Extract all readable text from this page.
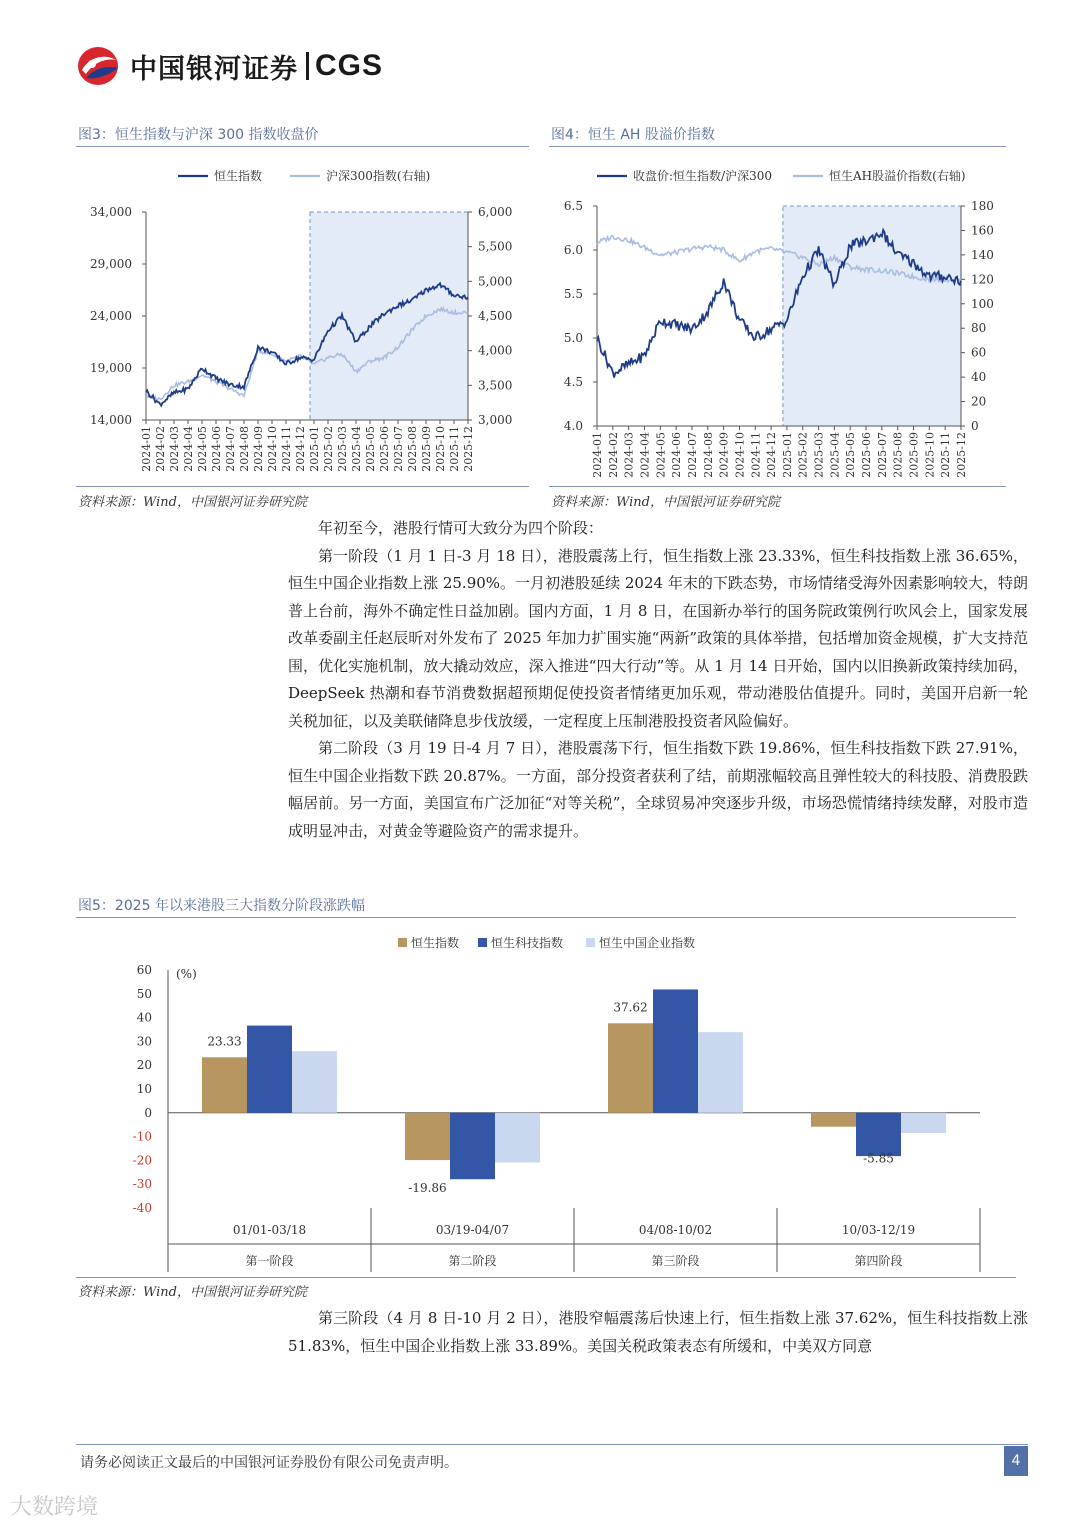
中国银河证券 CGS
图3：恒生指数与沪深 300 指数收盘价
34,000
29,000
24,000
19,000
14,000
6,000
5,500
5,000
4,500
4,000
3,500
3,000
2024-01 2024-02 2024-03 2024-04 2024-05 2024-06 2024-07 2024-08 2024-09 2024-10 2024-11 2024-12 2025-01 2025-02 2025-03 2025-04 2025-05 2025-06 2025-07 2025-08 2025-09 2025-10 2025-11 2025-12
恒生指数	沪深300指数(右轴)
资料来源：Wind，中国银河证券研究院
图4：恒生 AH 股溢价指数
6.5
6.0
5.5
5.0
4.5
4.0
180
160
140
120
100
80
60
40
20
0
2024-01 2024-02 2024-03 2024-04 2024-05 2024-06 2024-07 2024-08 2024-09 2024-10 2024-11 2024-12 2025-01 2025-02 2025-03 2025-04 2025-05 2025-06 2025-07 2025-08 2025-09 2025-10 2025-11 2025-12
收盘价:恒生指数/沪深300	恒生AH股溢价指数(右轴)
资料来源：Wind，中国银河证券研究院

年初至今，港股行情可大致分为四个阶段：

第一阶段（1 月 1 日-3 月 18 日），港股震荡上行，恒生指数上涨 23.33%，恒生科技指数上涨 36.65%，恒生中国企业指数上涨 25.90%。一月初港股延续 2024 年末的下跌态势，市场情绪受海外因素影响较大，特朗普上台前，海外不确定性日益加剧。国内方面，1 月 8 日，在国新办举行的国务院政策例行吹风会上，国家发展改革委副主任赵辰昕对外发布了 2025 年加力扩围实施“两新”政策的具体举措，包括增加资金规模，扩大支持范围，优化实施机制，放大撬动效应，深入推进“四大行动”等。从 1 月 14 日开始，国内以旧换新政策持续加码，DeepSeek 热潮和春节消费数据超预期促使投资者情绪更加乐观，带动港股估值提升。同时，美国开启新一轮关税加征，以及美联储降息步伐放缓，一定程度上压制港股投资者风险偏好。

第二阶段（3 月 19 日-4 月 7 日），港股震荡下行，恒生指数下跌 19.86%，恒生科技指数下跌 27.91%，恒生中国企业指数下跌 20.87%。一方面，部分投资者获利了结，前期涨幅较高且弹性较大的科技股、消费股跌幅居前。另一方面，美国宣布广泛加征“对等关税”，全球贸易冲突逐步升级，市场恐慌情绪持续发酵，对股市造成明显冲击，对黄金等避险资产的需求提升。

图5：2025 年以来港股三大指数分阶段涨跌幅
恒生指数	恒生科技指数	恒生中国企业指数
(%)
60
50
40
30
20
10
0
-10
-20
-30
-40
23.33
01/01-03/18
第一阶段
-19.86
03/19-04/07
第二阶段
37.62
04/08-10/02
第三阶段
-5.85
10/03-12/19
第四阶段
资料来源：Wind，中国银河证券研究院

第三阶段（4 月 8 日-10 月 2 日），港股窄幅震荡后快速上行，恒生指数上涨 37.62%，恒生科技指数上涨 51.83%，恒生中国企业指数上涨 33.89%。美国关税政策表态有所缓和，中美双方同意

请务必阅读正文最后的中国银河证券股份有限公司免责声明。	4
大数跨境
